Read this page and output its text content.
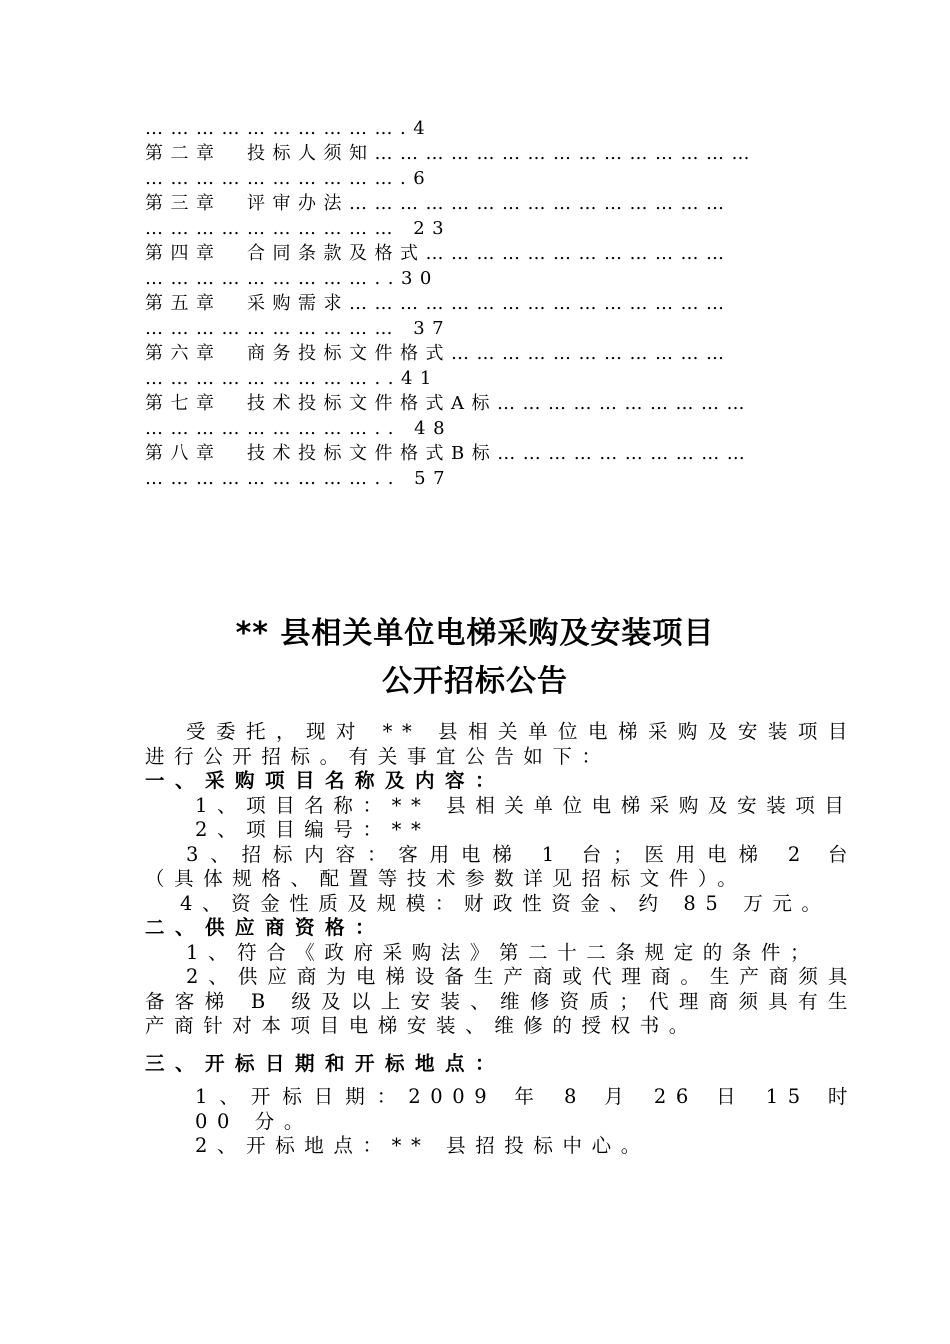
………………………….4
第二章　投标人须知………………………………………
………………………….6
第三章　评审办法………………………………………
………………………… 23
第四章　合同条款及格式………………………………
………………………..30
第五章　采购需求………………………………………
………………………… 37
第六章　商务投标文件格式……………………………
………………………..41
第七章　技术投标文件格式A标…………………………
……………………….. 48
第八章　技术投标文件格式B标…………………………
……………………….. 57
** 县相关单位电梯采购及安装项目
公开招标公告

受委托，现对 ** 县相关单位电梯采购及安装项目进行公开招标。有关事宜公告如下：

一、采购项目名称及内容：

1、项目名称：** 县相关单位电梯采购及安装项目

2、项目编号：**

3、招标内容：客用电梯 1 台；医用电梯 2 台（具体规格、配置等技术参数详见招标文件）。

4、资金性质及规模：财政性资金、约 85 万元。

二、供应商资格：

1、符合《政府采购法》第二十二条规定的条件；

2、供应商为电梯设备生产商或代理商。生产商须具备客梯 B 级及以上安装、维修资质；代理商须具有生产商针对本项目电梯安装、维修的授权书。

三、开标日期和开标地点：

1、开标日期：2009 年 8 月 26 日 15 时 00 分。

2、开标地点：** 县招投标中心。
